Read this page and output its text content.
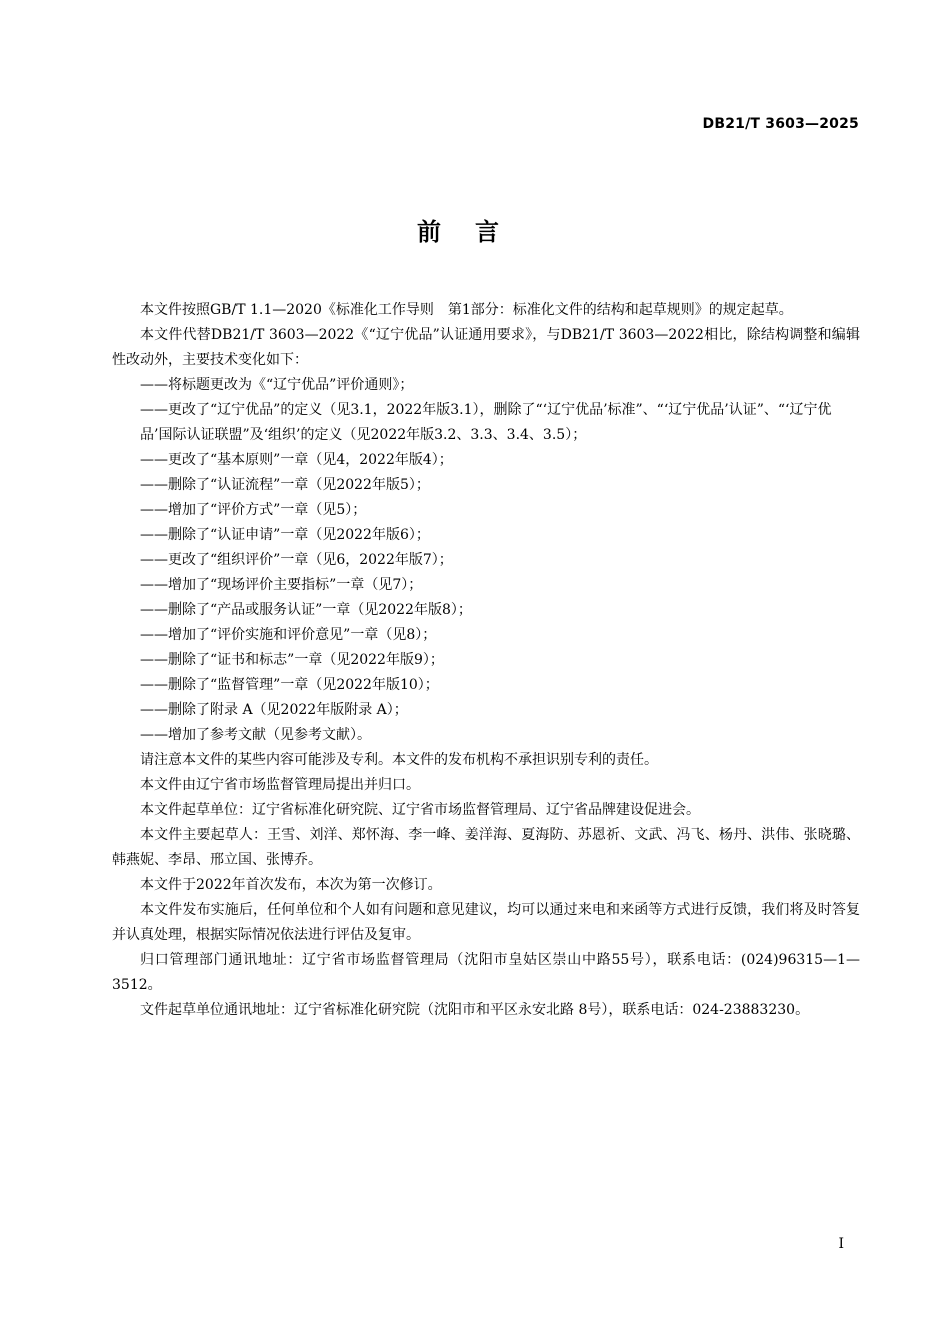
DB21/T 3603—2025
前言

本文件按照GB/T 1.1—2020《标准化工作导则　第1部分：标准化文件的结构和起草规则》的规定起草。

本文件代替DB21/T 3603—2022《“辽宁优品”认证通用要求》，与DB21/T 3603—2022相比，除结构调整和编辑性改动外，主要技术变化如下：

——将标题更改为《“辽宁优品”评价通则》；

——更改了“辽宁优品”的定义（见3.1，2022年版3.1），删除了“‘辽宁优品’标准”、“‘辽宁优品’认证”、“‘辽宁优品’国际认证联盟”及‘组织’的定义（见2022年版3.2、3.3、3.4、3.5）；

——更改了“基本原则”一章（见4，2022年版4）；

——删除了“认证流程”一章（见2022年版5）；

——增加了“评价方式”一章（见5）；

——删除了“认证申请”一章（见2022年版6）；

——更改了“组织评价”一章（见6，2022年版7）；

——增加了“现场评价主要指标”一章（见7）；

——删除了“产品或服务认证”一章（见2022年版8）；

——增加了“评价实施和评价意见”一章（见8）；

——删除了“证书和标志”一章（见2022年版9）；

——删除了“监督管理”一章（见2022年版10）；

——删除了附录 A（见2022年版附录 A）；

——增加了参考文献（见参考文献）。

请注意本文件的某些内容可能涉及专利。本文件的发布机构不承担识别专利的责任。

本文件由辽宁省市场监督管理局提出并归口。

本文件起草单位：辽宁省标准化研究院、辽宁省市场监督管理局、辽宁省品牌建设促进会。

本文件主要起草人：王雪、刘洋、郑怀海、李一峰、姜洋海、夏海防、苏恩祈、文武、冯飞、杨丹、洪伟、张晓璐、韩燕妮、李昂、邢立国、张博乔。

本文件于2022年首次发布，本次为第一次修订。

本文件发布实施后，任何单位和个人如有问题和意见建议，均可以通过来电和来函等方式进行反馈，我们将及时答复并认真处理，根据实际情况依法进行评估及复审。

归口管理部门通讯地址：辽宁省市场监督管理局（沈阳市皇姑区崇山中路55号），联系电话：(024)96315—1—3512。

文件起草单位通讯地址：辽宁省标准化研究院（沈阳市和平区永安北路 8号），联系电话：024-23883230。

I
